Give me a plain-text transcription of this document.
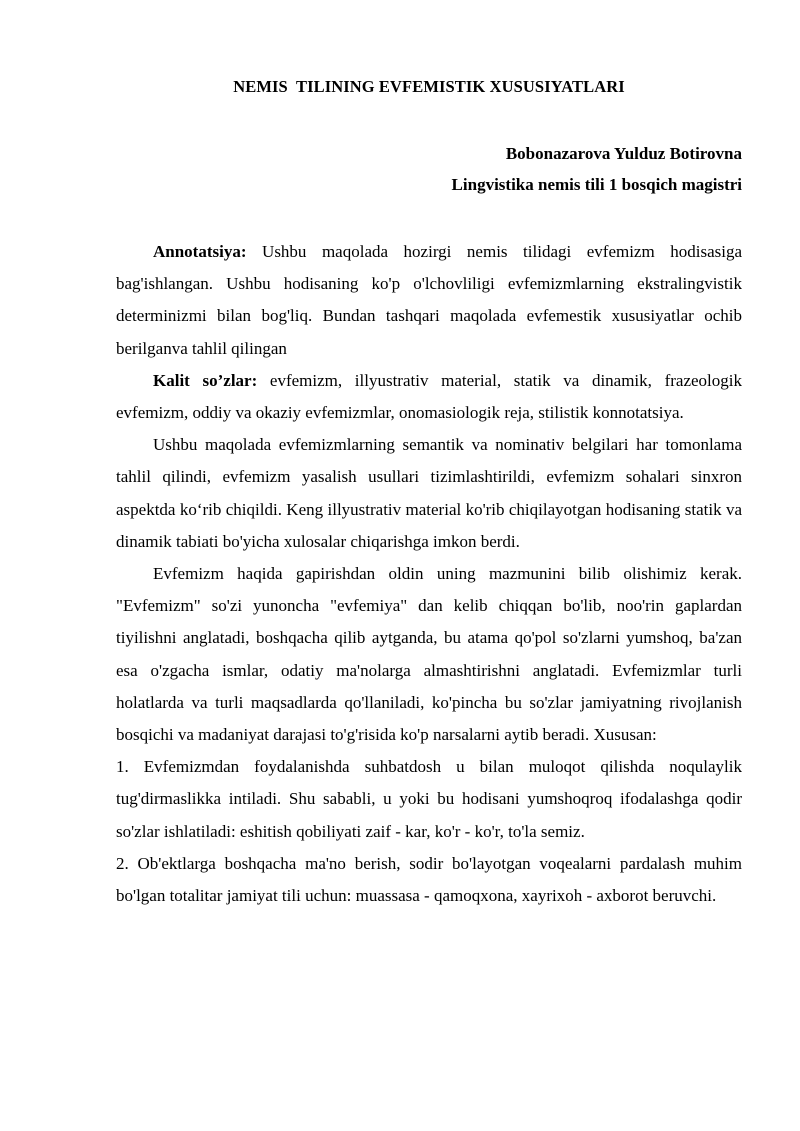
NEMIS  TILINING EVFEMISTIK XUSUSIYATLARI
Bobonazarova Yulduz Botirovna
Lingvistika nemis tili 1 bosqich magistri

Annotatsiya: Ushbu maqolada hozirgi nemis tilidagi evfemizm hodisasiga bag'ishlangan. Ushbu hodisaning ko'p o'lchovliligi evfemizmlarning ekstralingvistik determinizmi bilan bog'liq. Bundan tashqari maqolada evfemestik xususiyatlar ochib berilganva tahlil qilingan

Kalit so’zlar: evfemizm, illyustrativ material, statik va dinamik, frazeologik evfemizm, oddiy va okaziy evfemizmlar, onomasiologik reja, stilistik konnotatsiya.

Ushbu maqolada evfemizmlarning semantik va nominativ belgilari har tomonlama tahlil qilindi, evfemizm yasalish usullari tizimlashtirildi, evfemizm sohalari sinxron aspektda ko‘rib chiqildi. Keng illyustrativ material ko'rib chiqilayotgan hodisaning statik va dinamik tabiati bo'yicha xulosalar chiqarishga imkon berdi.

Evfemizm haqida gapirishdan oldin uning mazmunini bilib olishimiz kerak. "Evfemizm" so'zi yunoncha "evfemiya" dan kelib chiqqan bo'lib, noo'rin gaplardan tiyilishni anglatadi, boshqacha qilib aytganda, bu atama qo'pol so'zlarni yumshoq, ba'zan esa o'zgacha ismlar, odatiy ma'nolarga almashtirishni anglatadi. Evfemizmlar turli holatlarda va turli maqsadlarda qo'llaniladi, ko'pincha bu so'zlar jamiyatning rivojlanish bosqichi va madaniyat darajasi to'g'risida ko'p narsalarni aytib beradi. Xususan:

1. Evfemizmdan foydalanishda suhbatdosh u bilan muloqot qilishda noqulaylik tug'dirmaslikka intiladi. Shu sababli, u yoki bu hodisani yumshoqroq ifodalashga qodir so'zlar ishlatiladi: eshitish qobiliyati zaif - kar, ko'r - ko'r, to'la semiz.

2. Ob'ektlarga boshqacha ma'no berish, sodir bo'layotgan voqealarni pardalash muhim bo'lgan totalitar jamiyat tili uchun: muassasa - qamoqxona, xayrixoh - axborot beruvchi.
